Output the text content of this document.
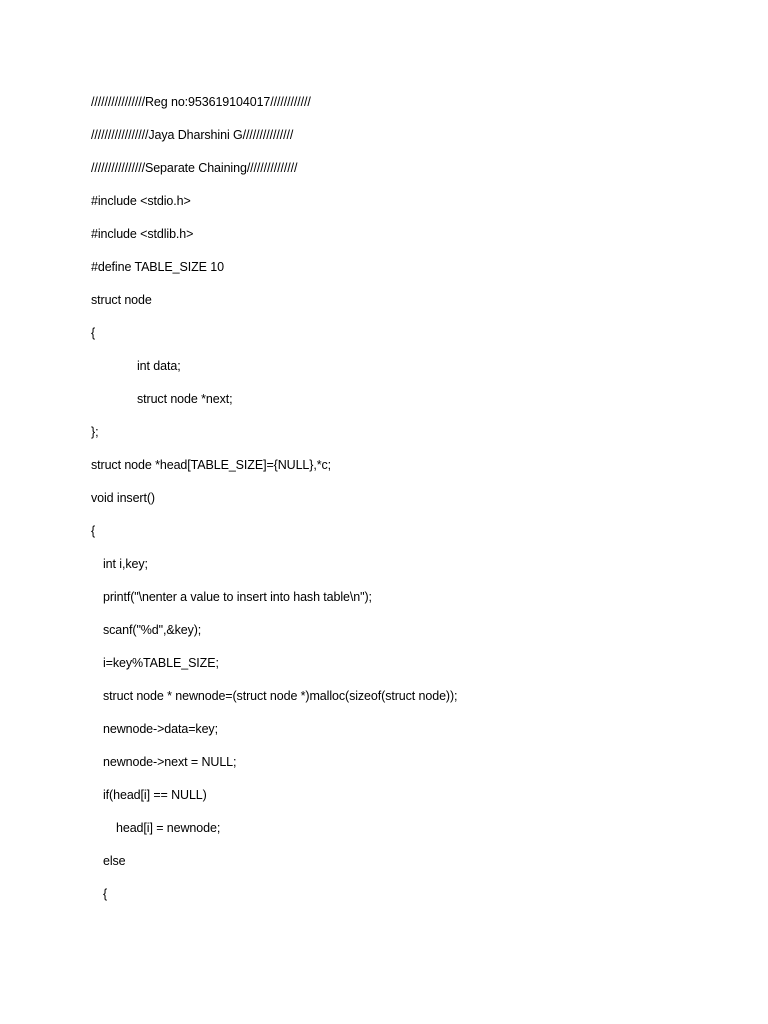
////////////////Reg no:953619104017////////////
/////////////////Jaya Dharshini G///////////////
////////////////Separate Chaining///////////////
#include <stdio.h>
#include <stdlib.h>
#define TABLE_SIZE 10
struct node
{
int data;
struct node *next;
};
struct node *head[TABLE_SIZE]={NULL},*c;
void insert()
{
int i,key;
printf("\nenter a value to insert into hash table\n");
scanf("%d",&key);
i=key%TABLE_SIZE;
struct node * newnode=(struct node *)malloc(sizeof(struct node));
newnode->data=key;
newnode->next = NULL;
if(head[i] == NULL)
head[i] = newnode;
else
{
